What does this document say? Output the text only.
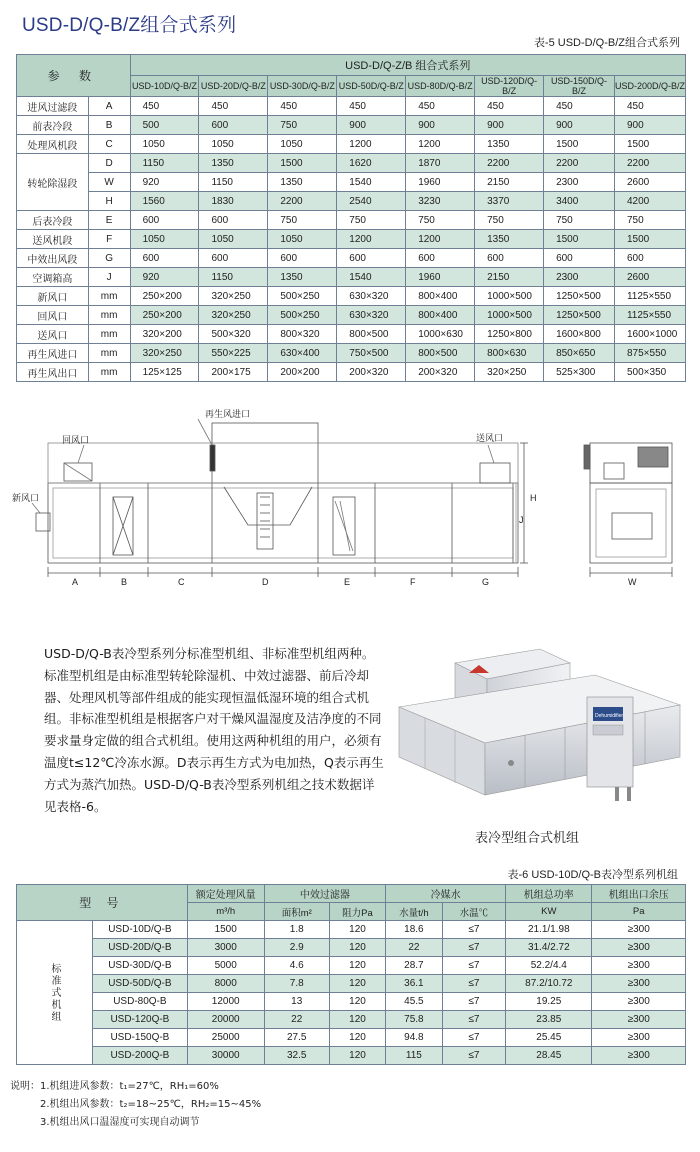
USD-D/Q-B/Z组合式系列
表-5 USD-D/Q-B/Z组合式系列
参 数		USD-D/Q-Z/B 组合式系列							
		USD-10D/Q-B/Z	USD-20D/Q-B/Z	USD-30D/Q-B/Z	USD-50D/Q-B/Z	USD-80D/Q-B/Z	USD-120D/Q-B/Z	USD-150D/Q-B/Z	USD-200D/Q-B/Z
进风过滤段	A	450	450	450	450	450	450	450	450
前表冷段	B	500	600	750	900	900	900	900	900
处理风机段	C	1050	1050	1050	1200	1200	1350	1500	1500
转轮除湿段	D	1150	1350	1500	1620	1870	2200	2200	2200
	W	920	1150	1350	1540	1960	2150	2300	2600
	H	1560	1830	2200	2540	3230	3370	3400	4200
后表冷段	E	600	600	750	750	750	750	750	750
送风机段	F	1050	1050	1050	1200	1200	1350	1500	1500
中效出风段	G	600	600	600	600	600	600	600	600
空调箱高	J	920	1150	1350	1540	1960	2150	2300	2600
新风口	mm	250×200	320×250	500×250	630×320	800×400	1000×500	1250×500	1125×550
回风口	mm	250×200	320×250	500×250	630×320	800×400	1000×500	1250×500	1125×550
送风口	mm	320×200	500×320	800×320	800×500	1000×630	1250×800	1600×800	1600×1000
再生风进口	mm	320×250	550×225	630×400	750×500	800×500	800×630	850×650	875×550
再生风出口	mm	125×125	200×175	200×200	200×320	200×320	320×250	525×300	500×350
再生风进口
回风口
新风口
送风口
A	B	C	D	E	F	G
H
J
W
USD-D/Q-B表冷型系列分标准型机组、非标准型机组两种。标准型机组是由标准型转轮除湿机、中效过滤器、前后冷却器、处理风机等部件组成的能实现恒温低湿环境的组合式机组。非标准型机组是根据客户对干燥风温湿度及洁净度的不同要求量身定做的组合式机组。使用这两种机组的用户，必须有温度t≤12℃冷冻水源。D表示再生方式为电加热，Q表示再生方式为蒸汽加热。USD-D/Q-B表冷型系列机组之技术数据详见表格-6。
Dehumidifier
表冷型组合式机组
表-6 USD-10D/Q-B表冷型系列机组
型 号		额定处理风量	中效过滤器		冷媒水		机组总功率	机组出口余压
		m³/h	面积m²	阻力Pa	水量t/h	水温℃	KW	Pa
标准式机组	USD-10D/Q-B	1500	1.8	120	18.6	≤7	21.1/1.98	≥300
	USD-20D/Q-B	3000	2.9	120	22	≤7	31.4/2.72	≥300
	USD-30D/Q-B	5000	4.6	120	28.7	≤7	52.2/4.4	≥300
	USD-50D/Q-B	8000	7.8	120	36.1	≤7	87.2/10.72	≥300
	USD-80Q-B	12000	13	120	45.5	≤7	19.25	≥300
	USD-120Q-B	20000	22	120	75.8	≤7	23.85	≥300
	USD-150Q-B	25000	27.5	120	94.8	≤7	25.45	≥300
	USD-200Q-B	30000	32.5	120	115	≤7	28.45	≥300
说明：1.机组进风参数：t₁=27℃，RH₁=60%
2.机组出风参数：t₂=18~25℃，RH₂=15~45%
3.机组出风口温湿度可实现自动调节
